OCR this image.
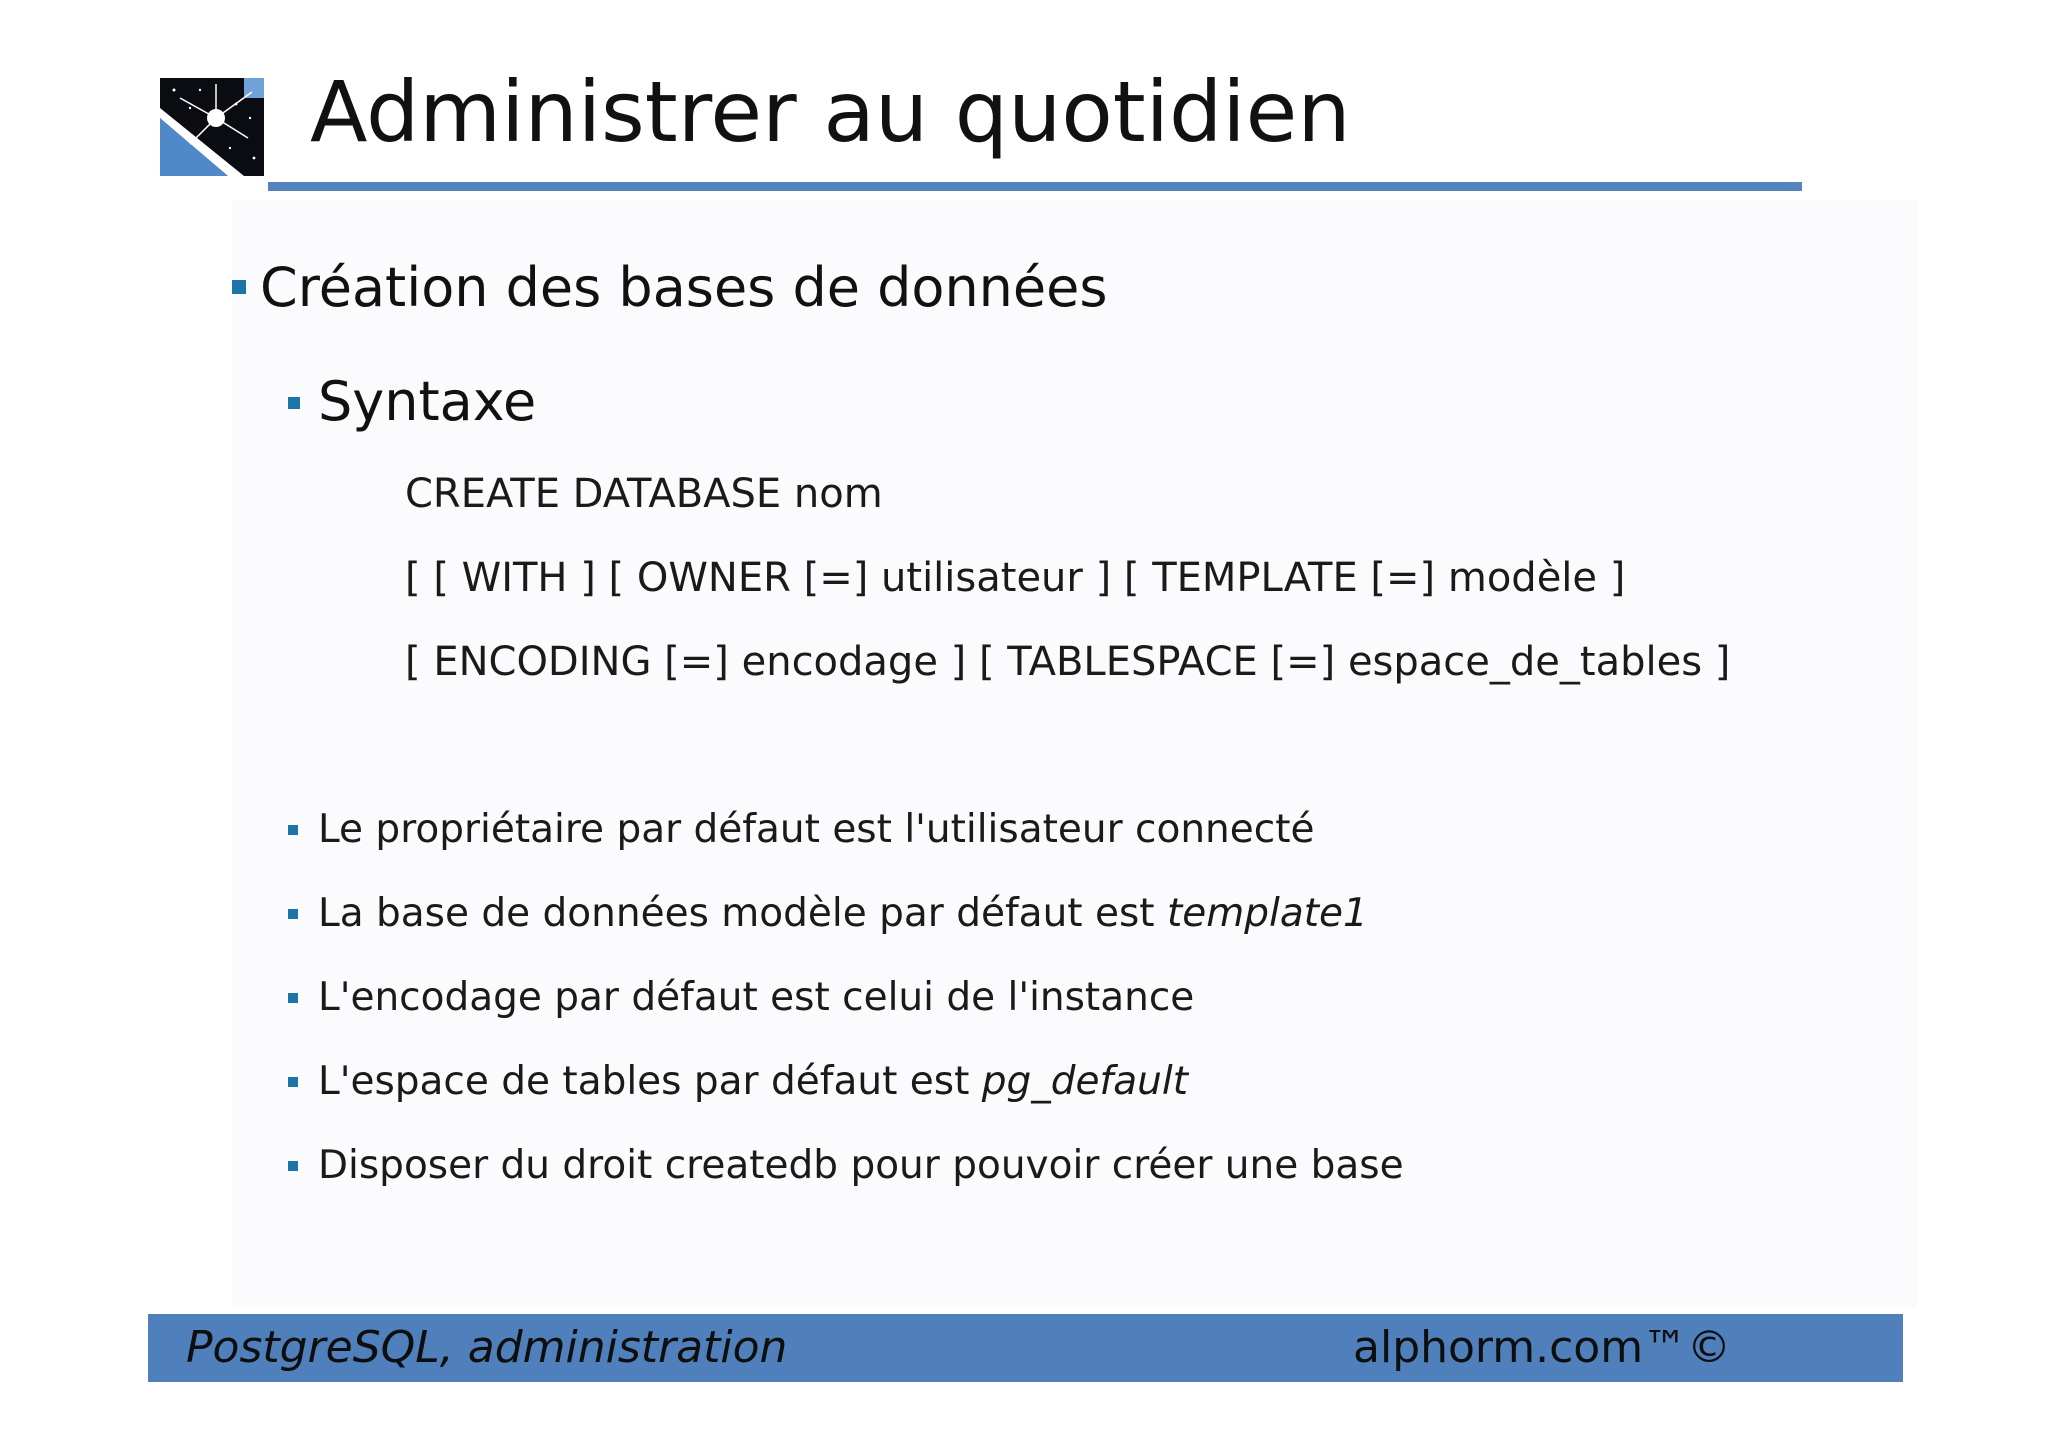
Administrer au quotidien
Création des bases de données
Syntaxe
CREATE DATABASE nom
[ [ WITH ] [ OWNER [=] utilisateur ] [ TEMPLATE [=] modèle ]
[ ENCODING [=] encodage ] [ TABLESPACE [=] espace_de_tables ]
Le propriétaire par défaut est l'utilisateur connecté
La base de données modèle par défaut est template1
L'encodage par défaut est celui de l'instance
L'espace de tables par défaut est pg_default
Disposer du droit createdb pour pouvoir créer une base
PostgreSQL, administration	alphorm.com™©
